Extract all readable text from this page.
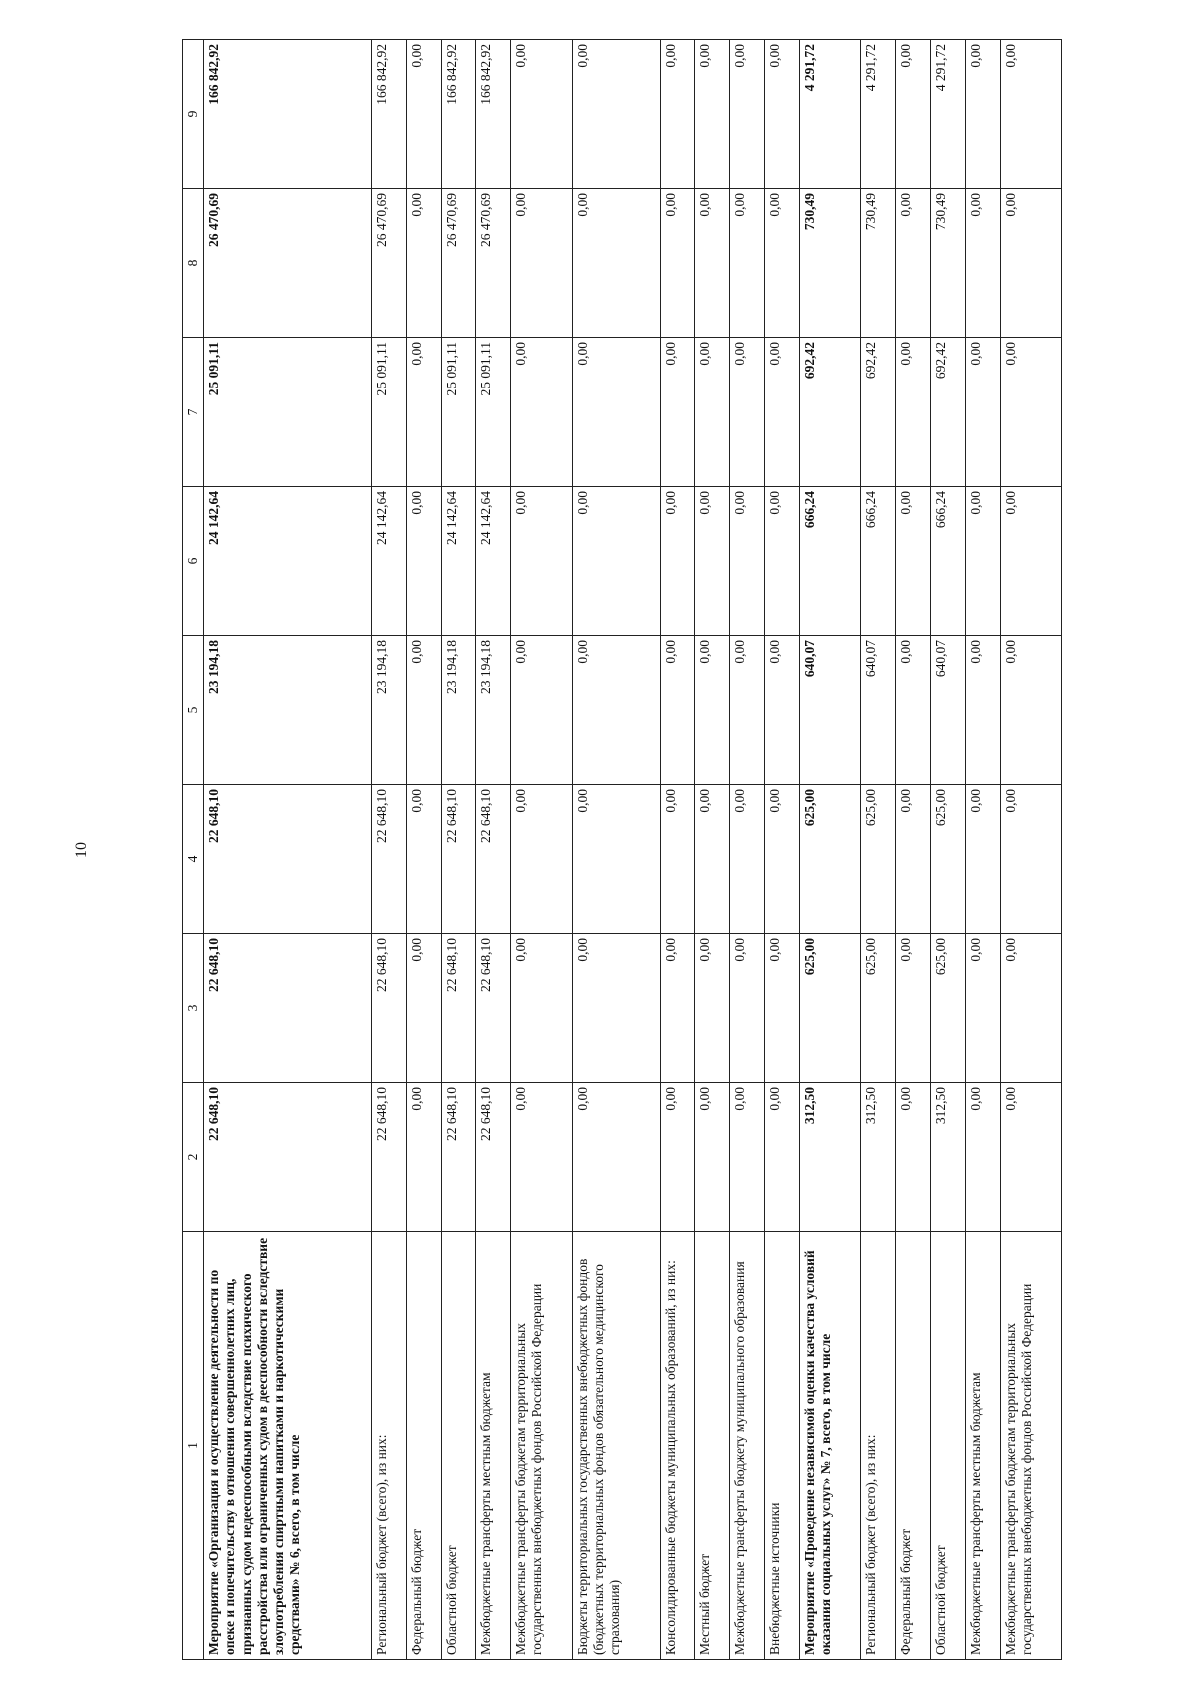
10
1	2	3	4	5	6	7	8	9
Мероприятие «Организация и осуществление деятельности по опеке и попечительству в отношении совершеннолетних лиц, признанных судом недееспособными вследствие психического расстройства или ограниченных судом в дееспособности вследствие злоупотребления спиртными напитками и наркотическими средствами» № 6, всего, в том числе	22 648,10	22 648,10	22 648,10	23 194,18	24 142,64	25 091,11	26 470,69	166 842,92
Региональный бюджет (всего), из них:	22 648,10	22 648,10	22 648,10	23 194,18	24 142,64	25 091,11	26 470,69	166 842,92
Федеральный бюджет	0,00	0,00	0,00	0,00	0,00	0,00	0,00	0,00
Областной бюджет	22 648,10	22 648,10	22 648,10	23 194,18	24 142,64	25 091,11	26 470,69	166 842,92
Межбюджетные трансферты местным бюджетам	22 648,10	22 648,10	22 648,10	23 194,18	24 142,64	25 091,11	26 470,69	166 842,92
Межбюджетные трансферты бюджетам территориальных государственных внебюджетных фондов Российской Федерации	0,00	0,00	0,00	0,00	0,00	0,00	0,00	0,00
Бюджеты территориальных государственных внебюджетных фондов (бюджетных территориальных фондов обязательного медицинского страхования)	0,00	0,00	0,00	0,00	0,00	0,00	0,00	0,00
Консолидированные бюджеты муниципальных образований, из них:	0,00	0,00	0,00	0,00	0,00	0,00	0,00	0,00
Местный бюджет	0,00	0,00	0,00	0,00	0,00	0,00	0,00	0,00
Межбюджетные трансферты бюджету муниципального образования	0,00	0,00	0,00	0,00	0,00	0,00	0,00	0,00
Внебюджетные источники	0,00	0,00	0,00	0,00	0,00	0,00	0,00	0,00
Мероприятие «Проведение независимой оценки качества условий оказания социальных услуг» № 7, всего, в том числе	312,50	625,00	625,00	640,07	666,24	692,42	730,49	4 291,72
Региональный бюджет (всего), из них:	312,50	625,00	625,00	640,07	666,24	692,42	730,49	4 291,72
Федеральный бюджет	0,00	0,00	0,00	0,00	0,00	0,00	0,00	0,00
Областной бюджет	312,50	625,00	625,00	640,07	666,24	692,42	730,49	4 291,72
Межбюджетные трансферты местным бюджетам	0,00	0,00	0,00	0,00	0,00	0,00	0,00	0,00
Межбюджетные трансферты бюджетам территориальных государственных внебюджетных фондов Российской Федерации	0,00	0,00	0,00	0,00	0,00	0,00	0,00	0,00
